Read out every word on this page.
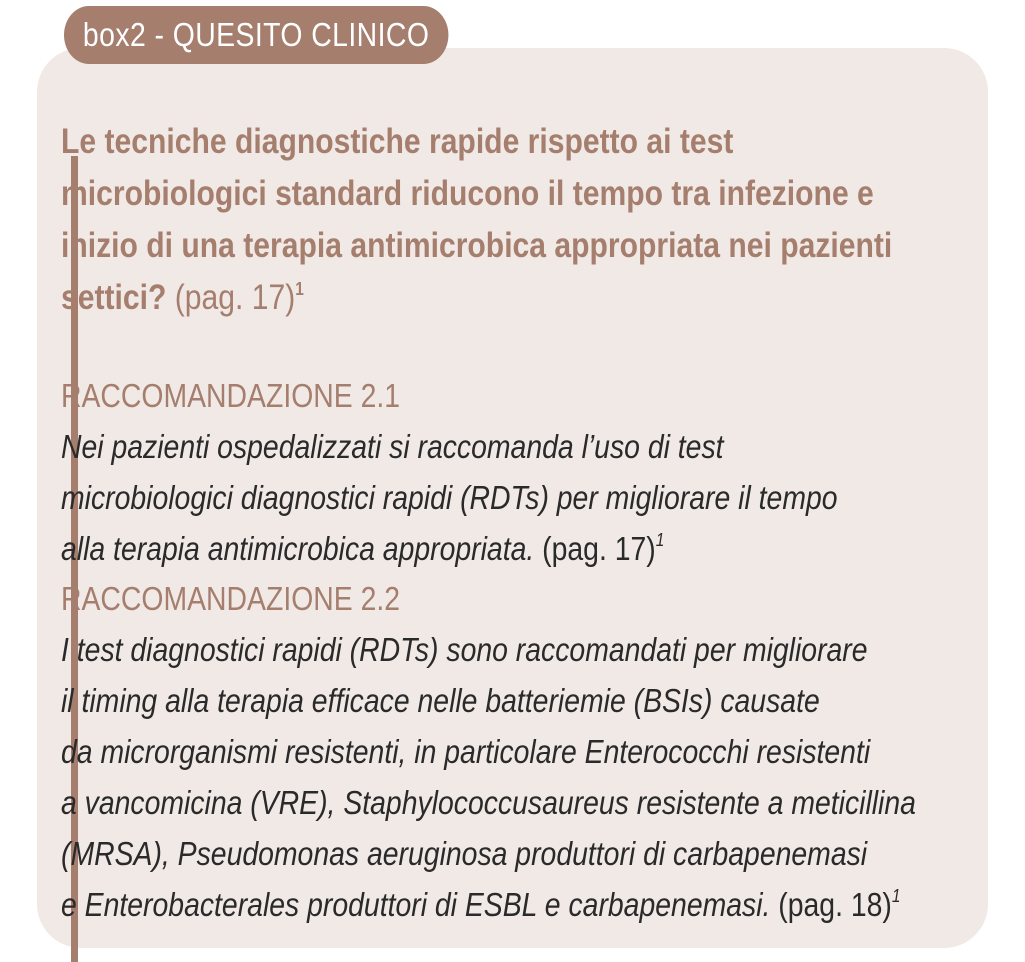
box2 - QUESITO CLINICO

Le tecniche diagnostiche rapide rispetto ai test
microbiologici standard riducono il tempo tra infezione e
inizio di una terapia antimicrobica appropriata nei pazienti
settici? (pag. 17)$^1$

RACCOMANDAZIONE 2.1

Nei pazienti ospedalizzati si raccomanda l’uso di test
microbiologici diagnostici rapidi (RDTs) per migliorare il tempo
alla terapia antimicrobica appropriata. (pag. 17)$^1$

RACCOMANDAZIONE 2.2

I test diagnostici rapidi (RDTs) sono raccomandati per migliorare
il timing alla terapia efficace nelle batteriemie (BSIs) causate
da microrganismi resistenti, in particolare Enterococchi resistenti
a vancomicina (VRE), Staphylococcusaureus resistente a meticillina
(MRSA), Pseudomonas aeruginosa produttori di carbapenemasi
e Enterobacterales produttori di ESBL e carbapenemasi. (pag. 18)$^1$
